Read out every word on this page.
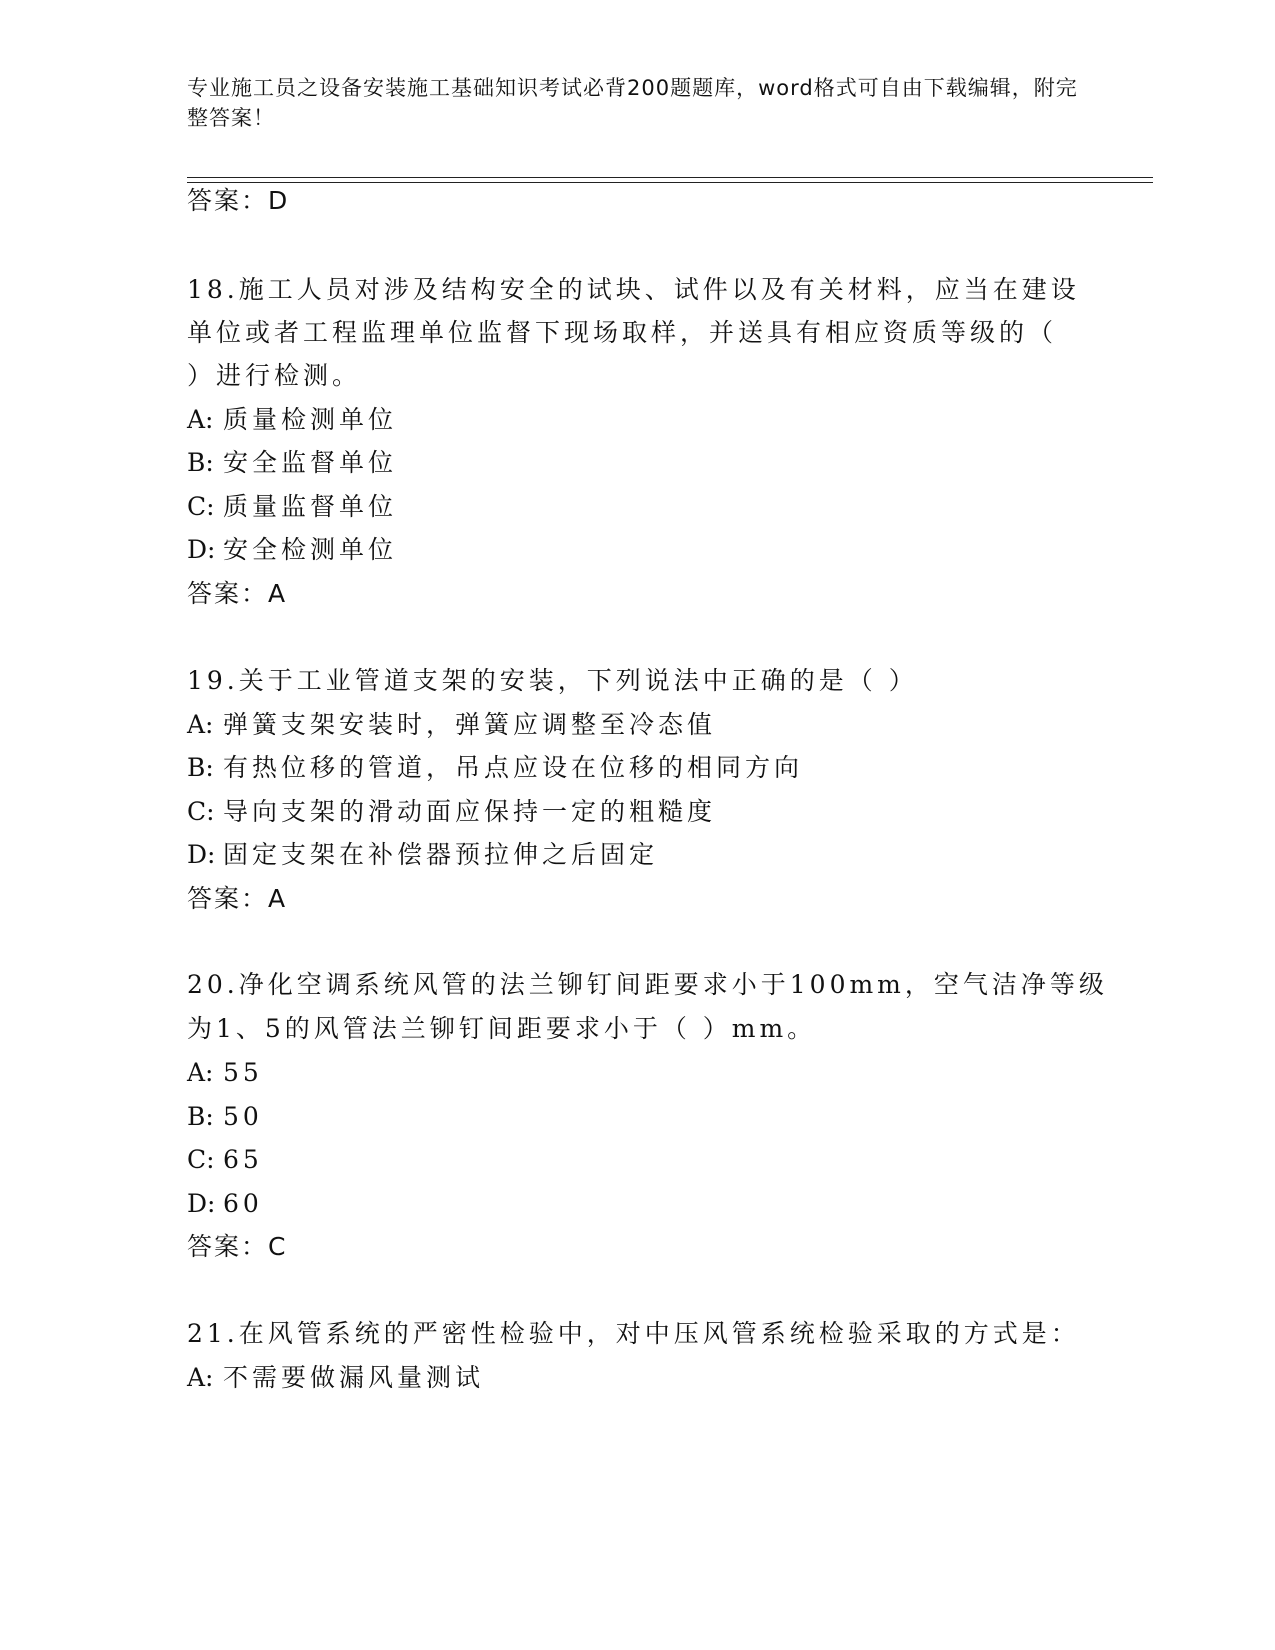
专业施工员之设备安装施工基础知识考试必背200题题库，word格式可自由下载编辑，附完整答案！
答案：D
18.施工人员对涉及结构安全的试块、试件以及有关材料，应当在建设
单位或者工程监理单位监督下现场取样，并送具有相应资质等级的（
）进行检测。
A: 质量检测单位
B: 安全监督单位
C: 质量监督单位
D: 安全检测单位
答案：A
19.关于工业管道支架的安装，下列说法中正确的是（ ）
A: 弹簧支架安装时，弹簧应调整至冷态值
B: 有热位移的管道，吊点应设在位移的相同方向
C: 导向支架的滑动面应保持一定的粗糙度
D: 固定支架在补偿器预拉伸之后固定
答案：A
20.净化空调系统风管的法兰铆钉间距要求小于100mm，空气洁净等级
为1、5的风管法兰铆钉间距要求小于（ ）mm。
A: 55
B: 50
C: 65
D: 60
答案：C
21.在风管系统的严密性检验中，对中压风管系统检验采取的方式是：
A: 不需要做漏风量测试
